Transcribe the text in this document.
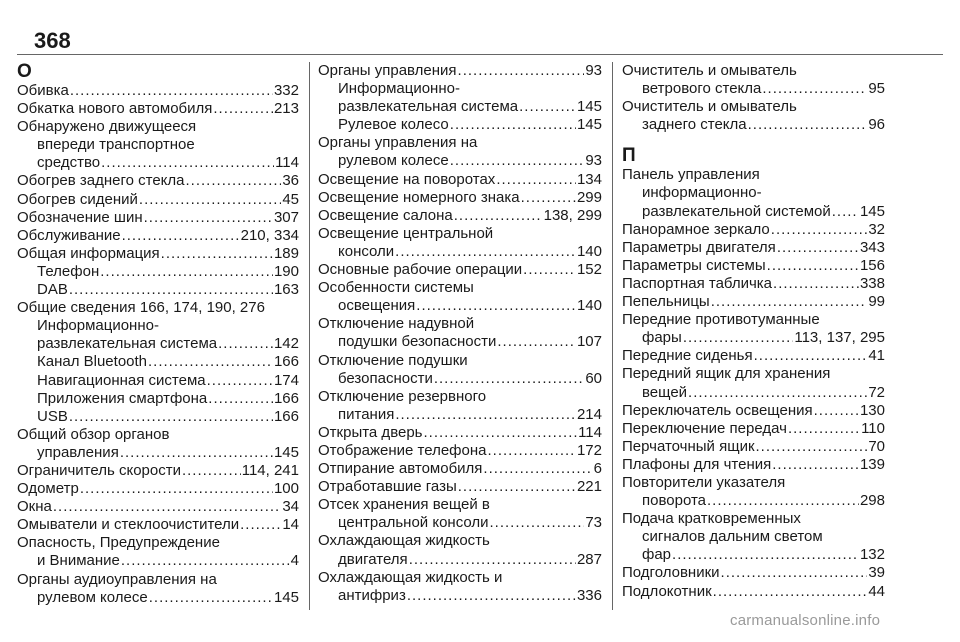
368
О
Обивка .....	332
Обкатка нового автомобиля .....	213
Обнаружено движущееся
впереди транспортное
средство .....	114
Обогрев заднего стекла .....	36
Обогрев сидений .....	45
Обозначение шин .....	307
Обслуживание .....	210, 334
Общая информация .....	189
Телефон .....	190
DAB .....	163
Общие сведения 166, 174, 190, 276
Информационно-
развлекательная система .....	142
Канал Bluetooth .....	166
Навигационная система .....	174
Приложения смартфона .....	166
USB .....	166
Общий обзор органов
управления .....	145
Ограничитель скорости .....	114, 241
Одометр .....	100
Окна .....	34
Омыватели и стеклоочистители .....	14
Опасность, Предупреждение
и Внимание .....	4
Органы аудиоуправления на
рулевом колесе .....	145
Органы управления .....	93
Информационно-
развлекательная система .....	145
Рулевое колесо .....	145
Органы управления на
рулевом колесе .....	93
Освещение на поворотах .....	134
Освещение номерного знака .....	299
Освещение салона .....	138, 299
Освещение центральной
консоли .....	140
Основные рабочие операции .....	152
Особенности системы
освещения .....	140
Отключение надувной
подушки безопасности .....	107
Отключение подушки
безопасности .....	60
Отключение резервного
питания .....	214
Открыта дверь .....	114
Отображение телефона .....	172
Отпирание автомобиля .....	6
Отработавшие газы .....	221
Отсек хранения вещей в
центральной консоли .....	73
Охлаждающая жидкость
двигателя .....	287
Охлаждающая жидкость и
антифриз .....	336
Очиститель и омыватель
ветрового стекла .....	95
Очиститель и омыватель
заднего стекла .....	96
П
Панель управления
информационно-
развлекательной системой ..... 145
Панорамное зеркало .....	32
Параметры двигателя .....	343
Параметры системы .....	156
Паспортная табличка .....	338
Пепельницы .....	99
Передние противотуманные
фары .....	113, 137, 295
Передние сиденья .....	41
Передний ящик для хранения
вещей .....	72
Переключатель освещения .....	130
Переключение передач .....	110
Перчаточный ящик .....	70
Плафоны для чтения .....	139
Повторители указателя
поворота .....	298
Подача кратковременных
сигналов дальним светом
фар .....	132
Подголовники .....	39
Подлокотник .....	44
carmanualsonline.info
